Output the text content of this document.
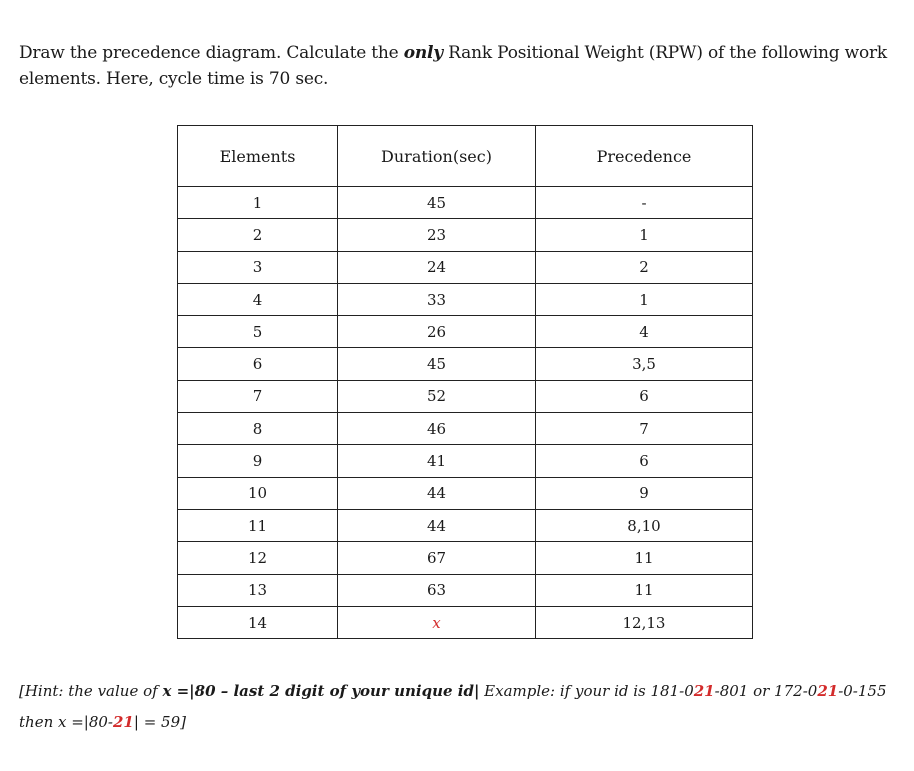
Draw the precedence diagram. Calculate the only Rank Positional Weight (RPW) of the following work elements. Here, cycle time is 70 sec.
Elements	Duration(sec)	Precedence
1	45	-
2	23	1
3	24	2
4	33	1
5	26	4
6	45	3,5
7	52	6
8	46	7
9	41	6
10	44	9
11	44	8,10
12	67	11
13	63	11
14	x	12,13
[Hint: the value of x =|80 – last 2 digit of your unique id| Example: if your id is 181-021-801 or 172-021-0-155 then x =|80-21| = 59]
